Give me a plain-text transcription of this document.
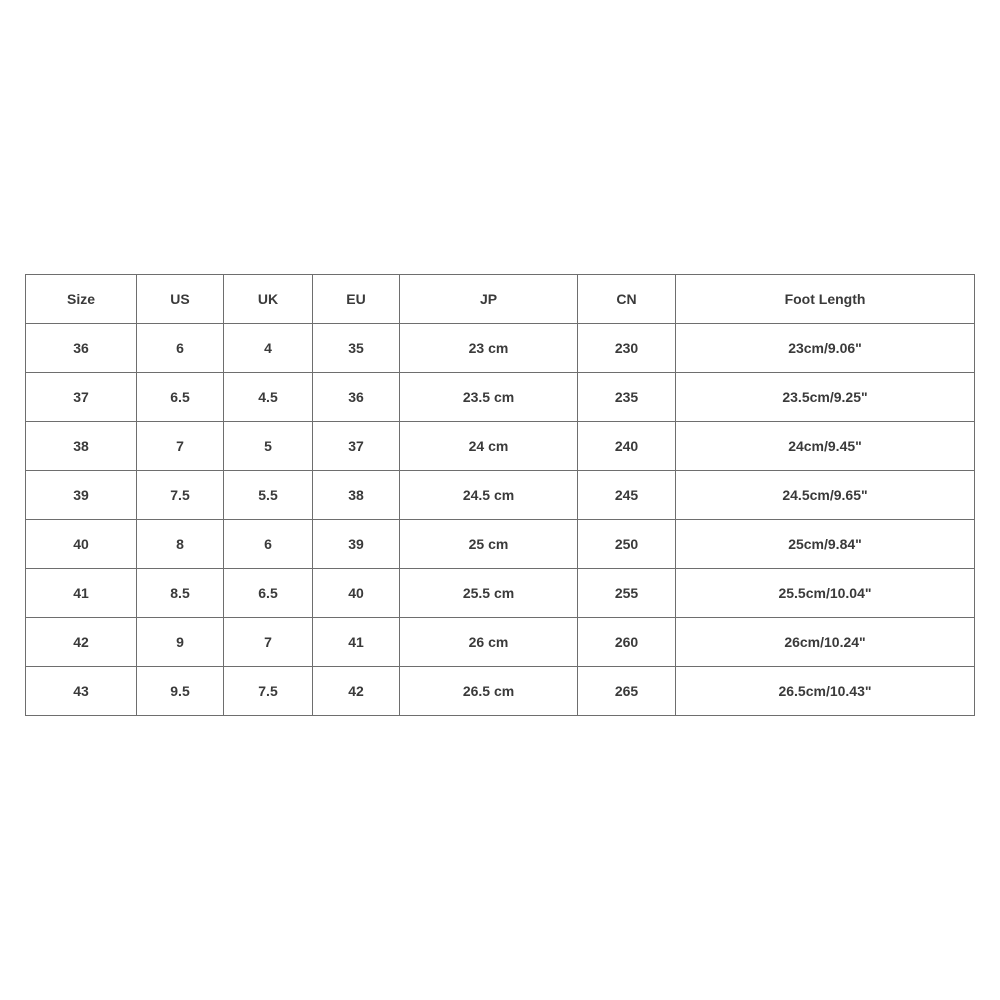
Size	US	UK	EU	JP	CN	Foot Length
36	6	4	35	23 cm	230	23cm/9.06"
37	6.5	4.5	36	23.5 cm	235	23.5cm/9.25"
38	7	5	37	24 cm	240	24cm/9.45"
39	7.5	5.5	38	24.5 cm	245	24.5cm/9.65"
40	8	6	39	25 cm	250	25cm/9.84"
41	8.5	6.5	40	25.5 cm	255	25.5cm/10.04"
42	9	7	41	26 cm	260	26cm/10.24"
43	9.5	7.5	42	26.5 cm	265	26.5cm/10.43"
